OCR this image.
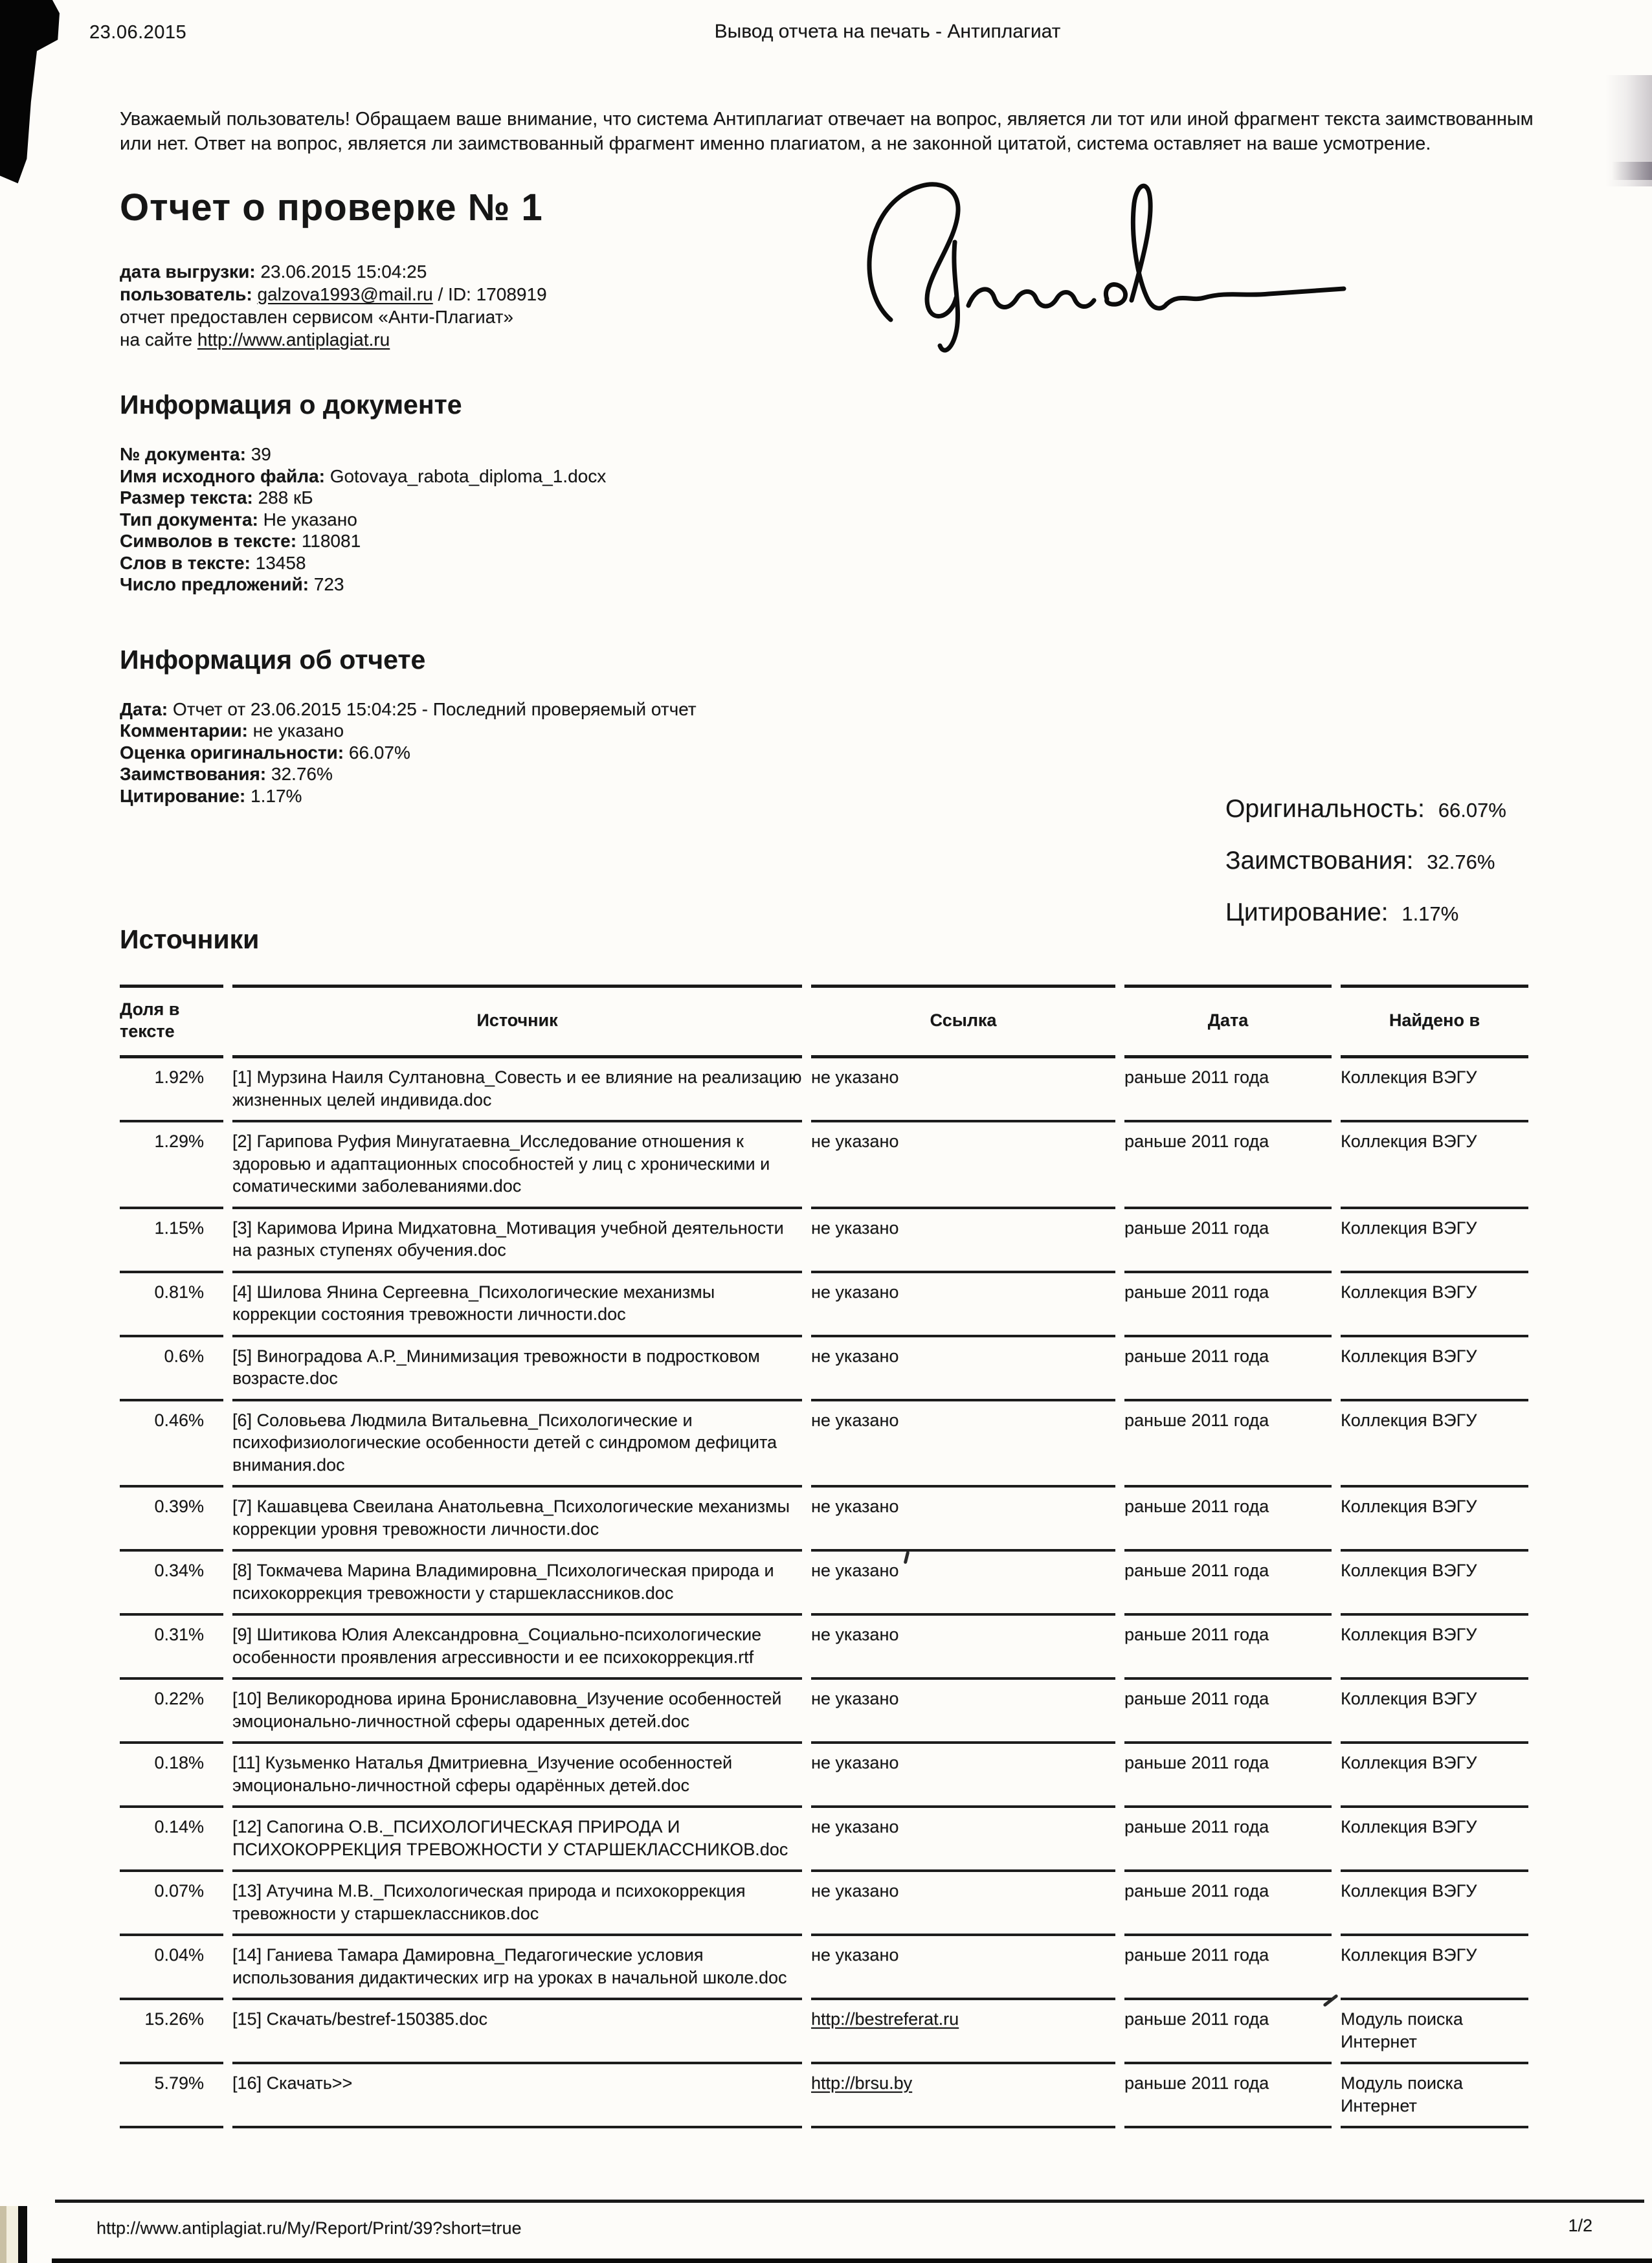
23.06.2015	Вывод отчета на печать - Антиплагиат
Оригинальность: 66.07%
Заимствования: 32.76%
Цитирование: 1.17%

Уважаемый пользователь! Обращаем ваше внимание, что система Антиплагиат отвечает на вопрос, является ли тот или иной фрагмент текста заимствованным или нет. Ответ на вопрос, является ли заимствованный фрагмент именно плагиатом, а не законной цитатой, система оставляет на ваше усмотрение.

Отчет о проверке № 1
дата выгрузки: 23.06.2015 15:04:25
пользователь: galzova1993@mail.ru / ID: 1708919
отчет предоставлен сервисом «Анти-Плагиат»
на сайте http://www.antiplagiat.ru
Информация о документе
№ документа: 39
Имя исходного файла: Gotovaya_rabota_diploma_1.docx
Размер текста: 288 кБ
Тип документа: Не указано
Символов в тексте: 118081
Слов в тексте: 13458
Число предложений: 723
Информация об отчете
Дата: Отчет от 23.06.2015 15:04:25 - Последний проверяемый отчет
Комментарии: не указано
Оценка оригинальности: 66.07%
Заимствования: 32.76%
Цитирование: 1.17%
Источники
Доля в тексте	Источник	Ссылка	Дата	Найдено в
1.92%	[1] Мурзина Наиля Султановна_Совесть и ее влияние на реализацию жизненных целей индивида.doc	не указано	раньше 2011 года	Коллекция ВЭГУ
1.29%	[2] Гарипова Руфия Минугатаевна_Исследование отношения к здоровью и адаптационных способностей у лиц с хроническими и соматическими заболеваниями.doc	не указано	раньше 2011 года	Коллекция ВЭГУ
1.15%	[3] Каримова Ирина Мидхатовна_Мотивация учебной деятельности на разных ступенях обучения.doc	не указано	раньше 2011 года	Коллекция ВЭГУ
0.81%	[4] Шилова Янина Сергеевна_Психологические механизмы коррекции состояния тревожности личности.doc	не указано	раньше 2011 года	Коллекция ВЭГУ
0.6%	[5] Виноградова А.Р._Минимизация тревожности в подростковом возрасте.doc	не указано	раньше 2011 года	Коллекция ВЭГУ
0.46%	[6] Соловьева Людмила Витальевна_Психологические и психофизиологические особенности детей с синдромом дефицита внимания.doc	не указано	раньше 2011 года	Коллекция ВЭГУ
0.39%	[7] Кашавцева Свеилана Анатольевна_Психологические механизмы коррекции уровня тревожности личности.doc	не указано	раньше 2011 года	Коллекция ВЭГУ
0.34%	[8] Токмачева Марина Владимировна_Психологическая природа и психокоррекция тревожности у старшеклассников.doc	не указано	раньше 2011 года	Коллекция ВЭГУ
0.31%	[9] Шитикова Юлия Александровна_Социально-психологические особенности проявления агрессивности и ее психокоррекция.rtf	не указано	раньше 2011 года	Коллекция ВЭГУ
0.22%	[10] Великороднова ирина Брониславовна_Изучение особенностей эмоционально-личностной сферы одаренных детей.doc	не указано	раньше 2011 года	Коллекция ВЭГУ
0.18%	[11] Кузьменко Наталья Дмитриевна_Изучение особенностей эмоционально-личностной сферы одарённых детей.doc	не указано	раньше 2011 года	Коллекция ВЭГУ
0.14%	[12] Сапогина О.В._ПСИХОЛОГИЧЕСКАЯ ПРИРОДА И ПСИХОКОРРЕКЦИЯ ТРЕВОЖНОСТИ У СТАРШЕКЛАССНИКОВ.doc	не указано	раньше 2011 года	Коллекция ВЭГУ
0.07%	[13] Атучина М.В._Психологическая природа и психокоррекция тревожности у старшеклассников.doc	не указано	раньше 2011 года	Коллекция ВЭГУ
0.04%	[14] Ганиева Тамара Дамировна_Педагогические условия использования дидактических игр на уроках в начальной школе.doc	не указано	раньше 2011 года	Коллекция ВЭГУ
15.26%	[15] Скачать/bestref-150385.doc	http://bestreferat.ru	раньше 2011 года	Модуль поиска Интернет
5.79%	[16] Скачать>>	http://brsu.by	раньше 2011 года	Модуль поиска Интернет
http://www.antiplagiat.ru/My/Report/Print/39?short=true	1/2
